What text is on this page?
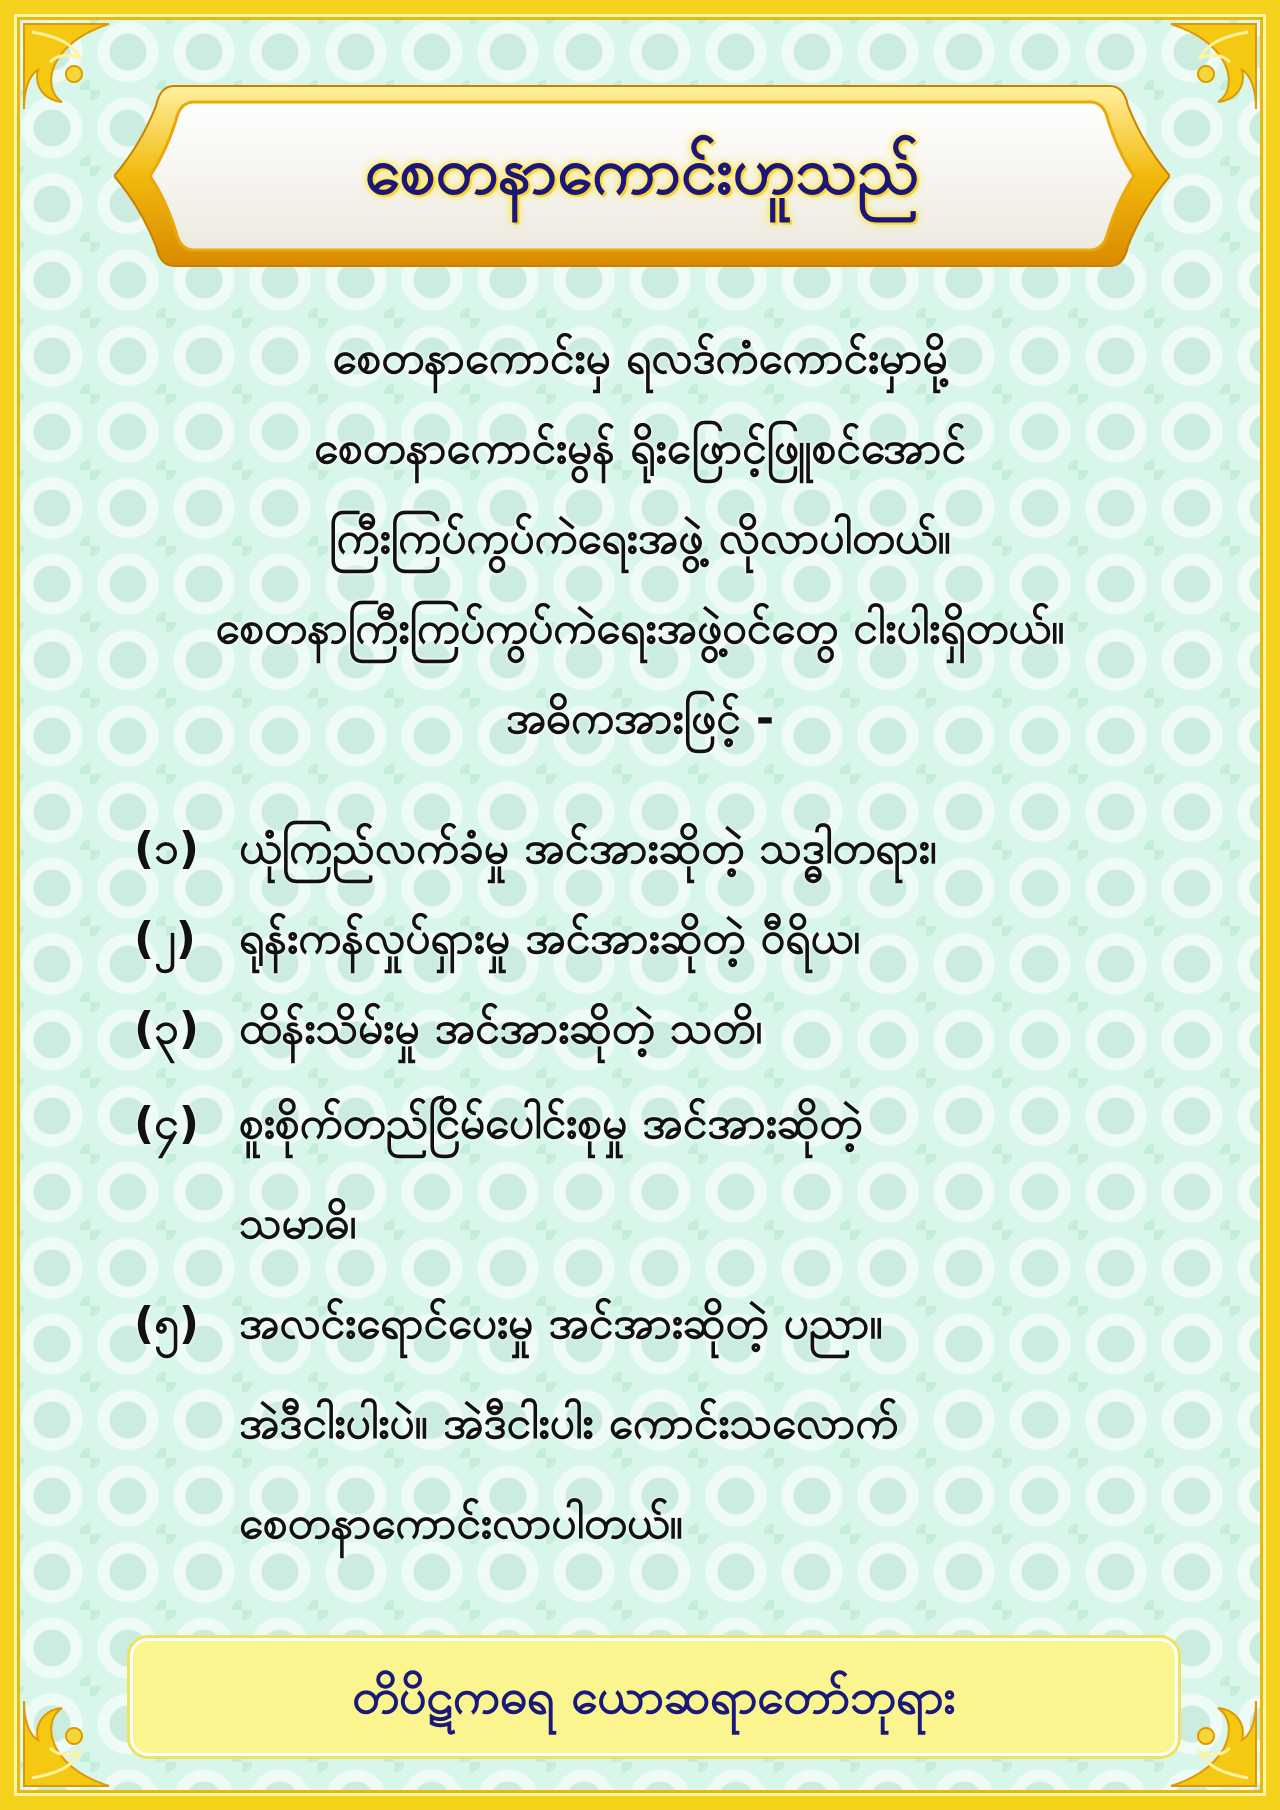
စေတနာကောင်းဟူသည်
စေတနာကောင်းမှ ရလဒ်ကံကောင်းမှာမို့
စေတနာကောင်းမွန် ရိုးဖြောင့်ဖြူစင်အောင်
ကြီးကြပ်ကွပ်ကဲရေးအဖွဲ့ လိုလာပါတယ်။
စေတနာကြီးကြပ်ကွပ်ကဲရေးအဖွဲ့ဝင်တွေ ငါးပါးရှိတယ်။
အဓိကအားဖြင့် -
(၁) ယုံကြည်လက်ခံမှု အင်အားဆိုတဲ့ သဒ္ဓါတရား၊
(၂) ရုန်းကန်လှုပ်ရှားမှု အင်အားဆိုတဲ့ ဝီရိယ၊
(၃) ထိန်းသိမ်းမှု အင်အားဆိုတဲ့ သတိ၊
(၄) စူးစိုက်တည်ငြိမ်ပေါင်းစုမှု အင်အားဆိုတဲ့
သမာဓိ၊
(၅) အလင်းရောင်ပေးမှု အင်အားဆိုတဲ့ ပညာ။
အဲဒီငါးပါးပဲ။ အဲဒီငါးပါး ကောင်းသလောက်
စေတနာကောင်းလာပါတယ်။
တိပိဋကဓရ ယောဆရာတော်ဘုရား
